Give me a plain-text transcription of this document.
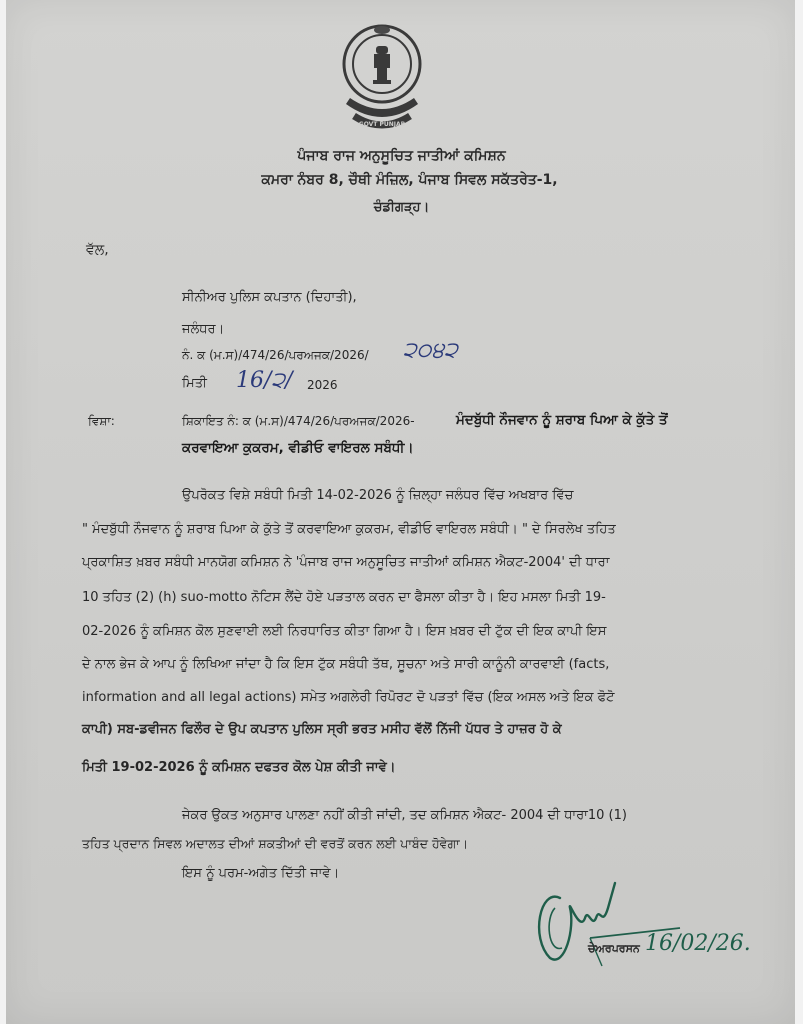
GOVT PUNJAB
ਪੰਜਾਬ ਰਾਜ ਅਨੁਸੂਚਿਤ ਜਾਤੀਆਂ ਕਮਿਸ਼ਨ
ਕਮਰਾ ਨੰਬਰ 8, ਚੌਥੀ ਮੰਜ਼ਿਲ, ਪੰਜਾਬ ਸਿਵਲ ਸਕੱਤਰੇਤ-1,
ਚੰਡੀਗੜ੍ਹ।
ਵੱਲ,
ਸੀਨੀਅਰ ਪੁਲਿਸ ਕਪਤਾਨ (ਦਿਹਾਤੀ),
ਜਲੰਧਰ।
ਨੰ. ਕ (ਮ.ਸ)/474/26/ਪਰਅਜਕ/2026/ ੨੦੪੨
ਮਿਤੀ 16/੨/ 2026
ਵਿਸ਼ਾ:	ਸ਼ਿਕਾਇਤ ਨੰ: ਕ (ਮ.ਸ)/474/26/ਪਰਅਜਕ/2026-	ਮੰਦਬੁੱਧੀ ਨੌਜਵਾਨ ਨੂੰ ਸ਼ਰਾਬ ਪਿਆ ਕੇ ਕੁੱਤੇ ਤੋਂ
ਕਰਵਾਇਆ ਕੁਕਰਮ, ਵੀਡੀਓ ਵਾਇਰਲ ਸਬੰਧੀ।
ਉਪਰੋਕਤ ਵਿਸ਼ੇ ਸਬੰਧੀ ਮਿਤੀ 14-02-2026 ਨੂੰ ਜ਼ਿਲ੍ਹਾ ਜਲੰਧਰ ਵਿੱਚ ਅਖਬਾਰ ਵਿੱਚ
" ਮੰਦਬੁੱਧੀ ਨੌਜਵਾਨ ਨੂੰ ਸ਼ਰਾਬ ਪਿਆ ਕੇ ਕੁੱਤੇ ਤੋਂ ਕਰਵਾਇਆ ਕੁਕਰਮ, ਵੀਡੀਓ ਵਾਇਰਲ ਸਬੰਧੀ। " ਦੇ ਸਿਰਲੇਖ ਤਹਿਤ
ਪ੍ਰਕਾਸ਼ਿਤ ਖ਼ਬਰ ਸਬੰਧੀ ਮਾਨਯੋਗ ਕਮਿਸ਼ਨ ਨੇ 'ਪੰਜਾਬ ਰਾਜ ਅਨੁਸੂਚਿਤ ਜਾਤੀਆਂ ਕਮਿਸ਼ਨ ਐਕਟ-2004' ਦੀ ਧਾਰਾ
10 ਤਹਿਤ (2) (h) suo-motto ਨੋਟਿਸ ਲੈਂਦੇ ਹੋਏ ਪੜਤਾਲ ਕਰਨ ਦਾ ਫੈਸਲਾ ਕੀਤਾ ਹੈ। ਇਹ ਮਸਲਾ ਮਿਤੀ 19-
02-2026 ਨੂੰ ਕਮਿਸ਼ਨ ਕੋਲ ਸੁਣਵਾਈ ਲਈ ਨਿਰਧਾਰਿਤ ਕੀਤਾ ਗਿਆ ਹੈ। ਇਸ ਖ਼ਬਰ ਦੀ ਟੁੱਕ ਦੀ ਇਕ ਕਾਪੀ ਇਸ
ਦੇ ਨਾਲ ਭੇਜ ਕੇ ਆਪ ਨੂੰ ਲਿਖਿਆ ਜਾਂਦਾ ਹੈ ਕਿ ਇਸ ਟੁੱਕ ਸਬੰਧੀ ਤੱਥ, ਸੂਚਨਾ ਅਤੇ ਸਾਰੀ ਕਾਨੂੰਨੀ ਕਾਰਵਾਈ (facts,
information and all legal actions) ਸਮੇਤ ਅਗਲੇਰੀ ਰਿਪੋਰਟ ਦੋ ਪੜਤਾਂ ਵਿੱਚ (ਇਕ ਅਸਲ ਅਤੇ ਇਕ ਫੋਟੋ
ਕਾਪੀ) ਸਬ-ਡਵੀਜਨ ਫਿਲੌਰ ਦੇ ਉਪ ਕਪਤਾਨ ਪੁਲਿਸ ਸ੍ਰੀ ਭਰਤ ਮਸੀਹ ਵੱਲੋਂ ਨਿੱਜੀ ਪੱਧਰ ਤੇ ਹਾਜ਼ਰ ਹੋ ਕੇ
ਮਿਤੀ 19-02-2026 ਨੂੰ ਕਮਿਸ਼ਨ ਦਫਤਰ ਕੋਲ ਪੇਸ਼ ਕੀਤੀ ਜਾਵੇ।
ਜੇਕਰ ਉਕਤ ਅਨੁਸਾਰ ਪਾਲਣਾ ਨਹੀਂ ਕੀਤੀ ਜਾਂਦੀ, ਤਦ ਕਮਿਸ਼ਨ ਐਕਟ- 2004 ਦੀ ਧਾਰਾ10 (1)
ਤਹਿਤ ਪ੍ਰਦਾਨ ਸਿਵਲ ਅਦਾਲਤ ਦੀਆਂ ਸ਼ਕਤੀਆਂ ਦੀ ਵਰਤੋਂ ਕਰਨ ਲਈ ਪਾਬੰਦ ਹੋਵੇਗਾ।
ਇਸ ਨੂੰ ਪਰਮ-ਅਗੇਤ ਦਿੱਤੀ ਜਾਵੇ।
16/02/26.
ਚੇਅਰਪਰਸਨ
